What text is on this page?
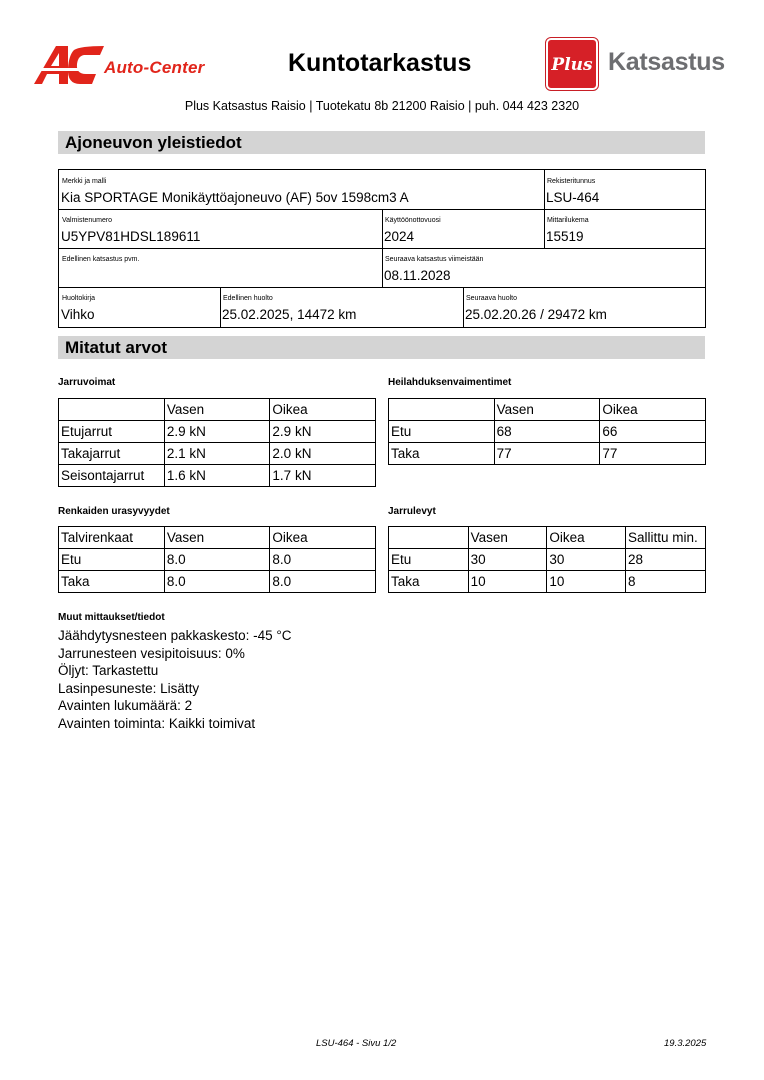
Auto-Center	Kuntotarkastus	Plus Katsastus
Plus Katsastus Raisio | Tuotekatu 8b 21200 Raisio | puh. 044 423 2320
Ajoneuvon yleistiedot
Merkki ja malli
Kia SPORTAGE Monikäyttöajoneuvo (AF) 5ov 1598cm3 A
Rekisteritunnus
LSU-464
Valmistenumero
U5YPV81HDSL189611
Käyttöönottovuosi
2024
Mittarilukema
15519
Edellinen katsastus pvm.	Seuraava katsastus viimeistään
08.11.2028
Huoltokirja
Vihko
Edellinen huolto
25.02.2025, 14472 km
Seuraava huolto
25.02.20.26 / 29472 km
Mitatut arvot
Jarruvoimat
	Vasen	Oikea
Etujarrut	2.9 kN	2.9 kN
Takajarrut	2.1 kN	2.0 kN
Seisontajarrut	1.6 kN	1.7 kN
Heilahduksenvaimentimet
	Vasen	Oikea
Etu	68	66
Taka	77	77
Renkaiden urasyvyydet
Talvirenkaat	Vasen	Oikea
Etu	8.0	8.0
Taka	8.0	8.0
Jarrulevyt
	Vasen	Oikea	Sallittu min.
Etu	30	30	28
Taka	10	10	8
Muut mittaukset/tiedot
Jäähdytysnesteen pakkaskesto: -45 °C
Jarrunesteen vesipitoisuus: 0%
Öljyt: Tarkastettu
Lasinpesuneste: Lisätty
Avainten lukumäärä: 2
Avainten toiminta: Kaikki toimivat
LSU-464 - Sivu 1/2	19.3.2025
